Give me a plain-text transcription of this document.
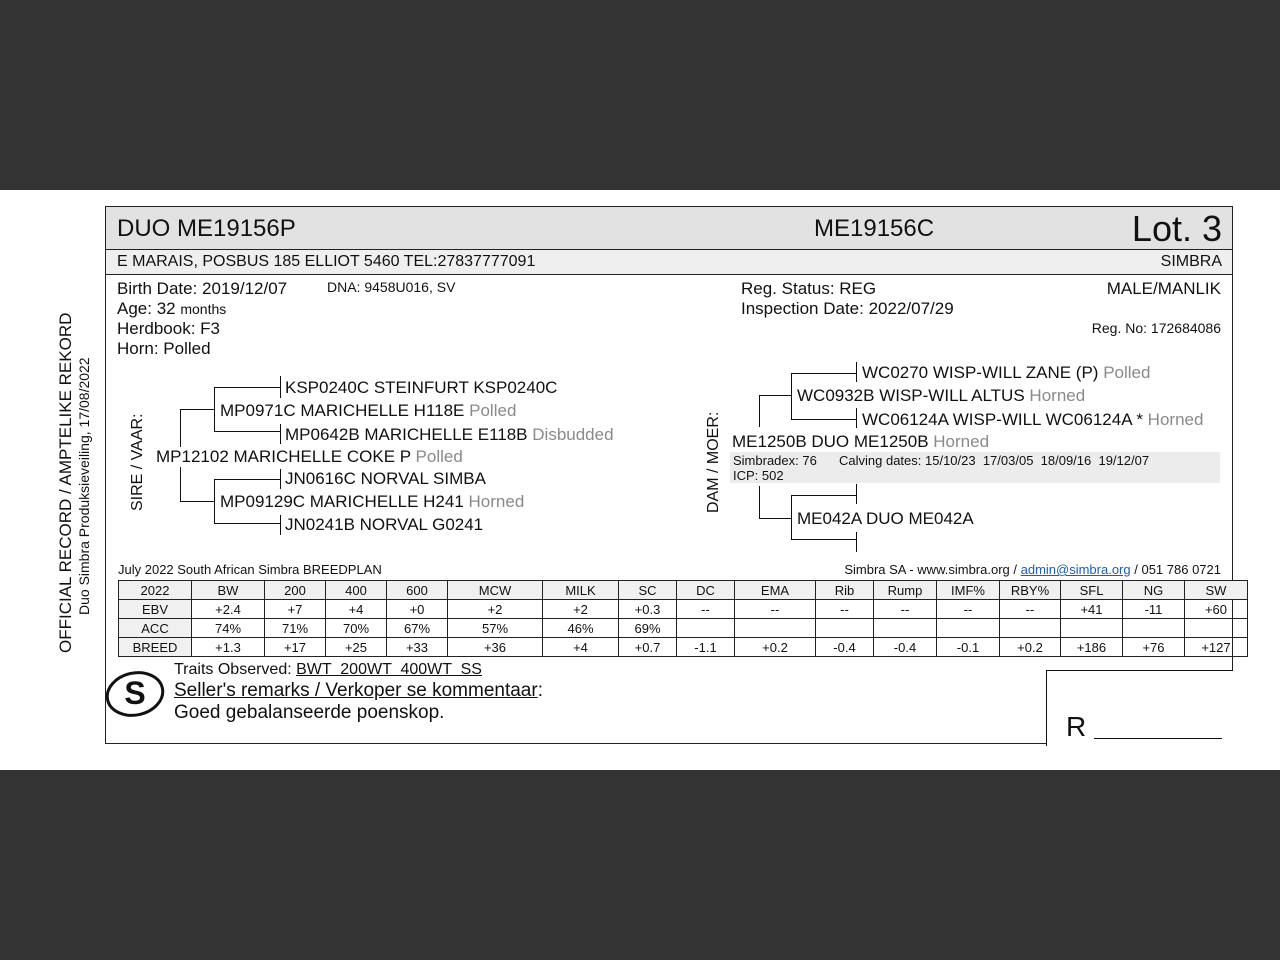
OFFICIAL RECORD / AMPTELIKE REKORD Duo Simbra Produksieveiling, 17/08/2022
DUO ME19156P	ME19156C	Lot. 3
E MARAIS, POSBUS 185 ELLIOT 5460 TEL:27837777091	SIMBRA
Birth Date: 2019/12/07	DNA: 9458U016, SV
Age: 32 months
Herdbook: F3
Horn: Polled
Reg. Status: REG
Inspection Date: 2022/07/29
MALE/MANLIK
Reg. No: 172684086
SIRE / VAAR:
KSP0240C STEINFURT KSP0240C
MP0971C MARICHELLE H118E Polled
MP0642B MARICHELLE E118B Disbudded
MP12102 MARICHELLE COKE P Polled
JN0616C NORVAL SIMBA
MP09129C MARICHELLE H241 Horned
JN0241B NORVAL G0241
DAM / MOER:
WC0270 WISP-WILL ZANE (P) Polled
WC0932B WISP-WILL ALTUS Horned
WC06124A WISP-WILL WC06124A * Horned
ME1250B DUO ME1250B Horned
Simbradex: 76 Calving dates: 15/10/23  17/03/05  18/09/16  19/12/07
ICP: 502
ME042A DUO ME042A
July 2022 South African Simbra BREEDPLAN	Simbra SA - www.simbra.org / admin@simbra.org / 051 786 0721
2022	BW	200	400	600	MCW	MILK	SC	DC	EMA	Rib	Rump	IMF%	RBY%	SFL	NG	SW
EBV	+2.4	+7	+4	+0	+2	+2	+0.3	--	--	--	--	--	--	+41	-11	+60
ACC	74%	71%	70%	67%	57%	46%	69%									
BREED	+1.3	+17	+25	+33	+36	+4	+0.7	-1.1	+0.2	-0.4	-0.4	-0.1	+0.2	+186	+76	+127
S
Traits Observed: BWT  200WT  400WT  SS
Seller's remarks / Verkoper se kommentaar:
Goed gebalanseerde poenskop.	R
